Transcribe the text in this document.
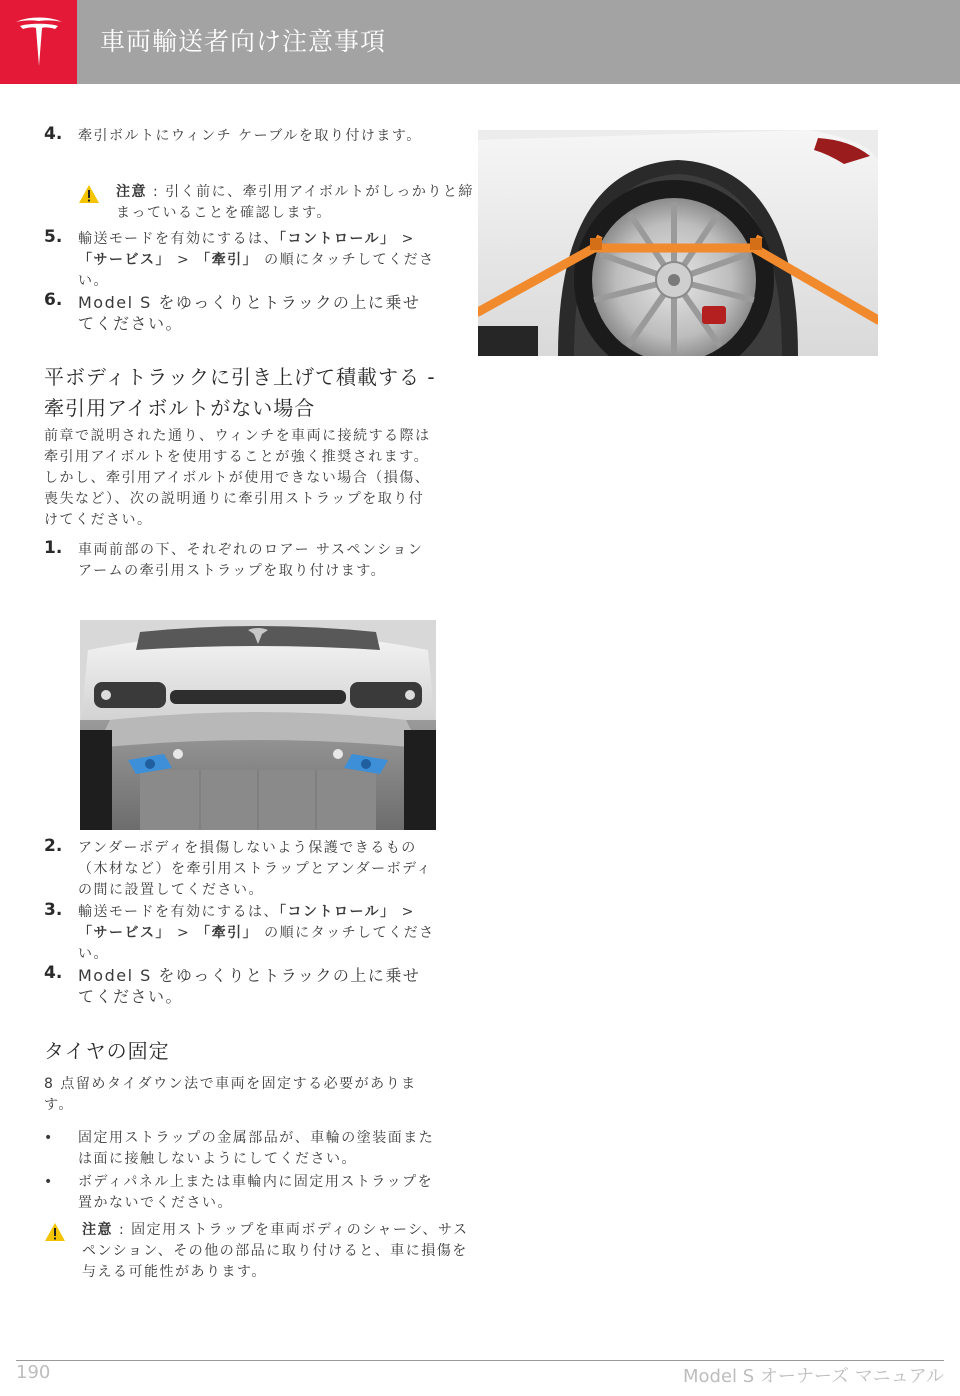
車両輸送者向け注意事項
4. 牽引ボルトにウィンチ ケーブルを取り付けます。
注意 : 引く前に、牽引用アイボルトがしっかりと締まっていることを確認します。
5. 輸送モードを有効にするは、「コントロール」 > 「サービス」 > 「牽引」 の順にタッチしてください。
6. Model S をゆっくりとトラックの上に乗せてください。
平ボディトラックに引き上げて積載する - 牽引用アイボルトがない場合
前章で説明された通り、ウィンチを車両に接続する際は牽引用アイボルトを使用することが強く推奨されます。しかし、牽引用アイボルトが使用できない場合（損傷、喪失など）、次の説明通りに牽引用ストラップを取り付けてください。
1. 車両前部の下、それぞれのロアー サスペンション アームの牽引用ストラップを取り付けます。
2. アンダーボディを損傷しないよう保護できるもの（木材など）を牽引用ストラップとアンダーボディの間に設置してください。
3. 輸送モードを有効にするは、「コントロール」 > 「サービス」 > 「牽引」 の順にタッチしてください。
4. Model S をゆっくりとトラックの上に乗せてください。
タイヤの固定
8 点留めタイダウン法で車両を固定する必要があります。
• 固定用ストラップの金属部品が、車輪の塗装面または面に接触しないようにしてください。
• ボディパネル上または車輪内に固定用ストラップを置かないでください。
注意 : 固定用ストラップを車両ボディのシャーシ、サスペンション、その他の部品に取り付けると、車に損傷を与える可能性があります。
190	Model S オーナーズ マニュアル
